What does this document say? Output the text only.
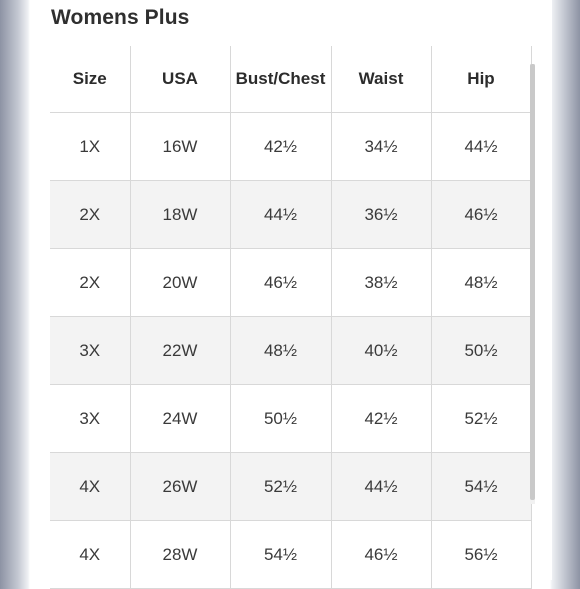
Womens Plus
Size	USA	Bust/Chest	Waist	Hip
1X	16W	42½	34½	44½
2X	18W	44½	36½	46½
2X	20W	46½	38½	48½
3X	22W	48½	40½	50½
3X	24W	50½	42½	52½
4X	26W	52½	44½	54½
4X	28W	54½	46½	56½
